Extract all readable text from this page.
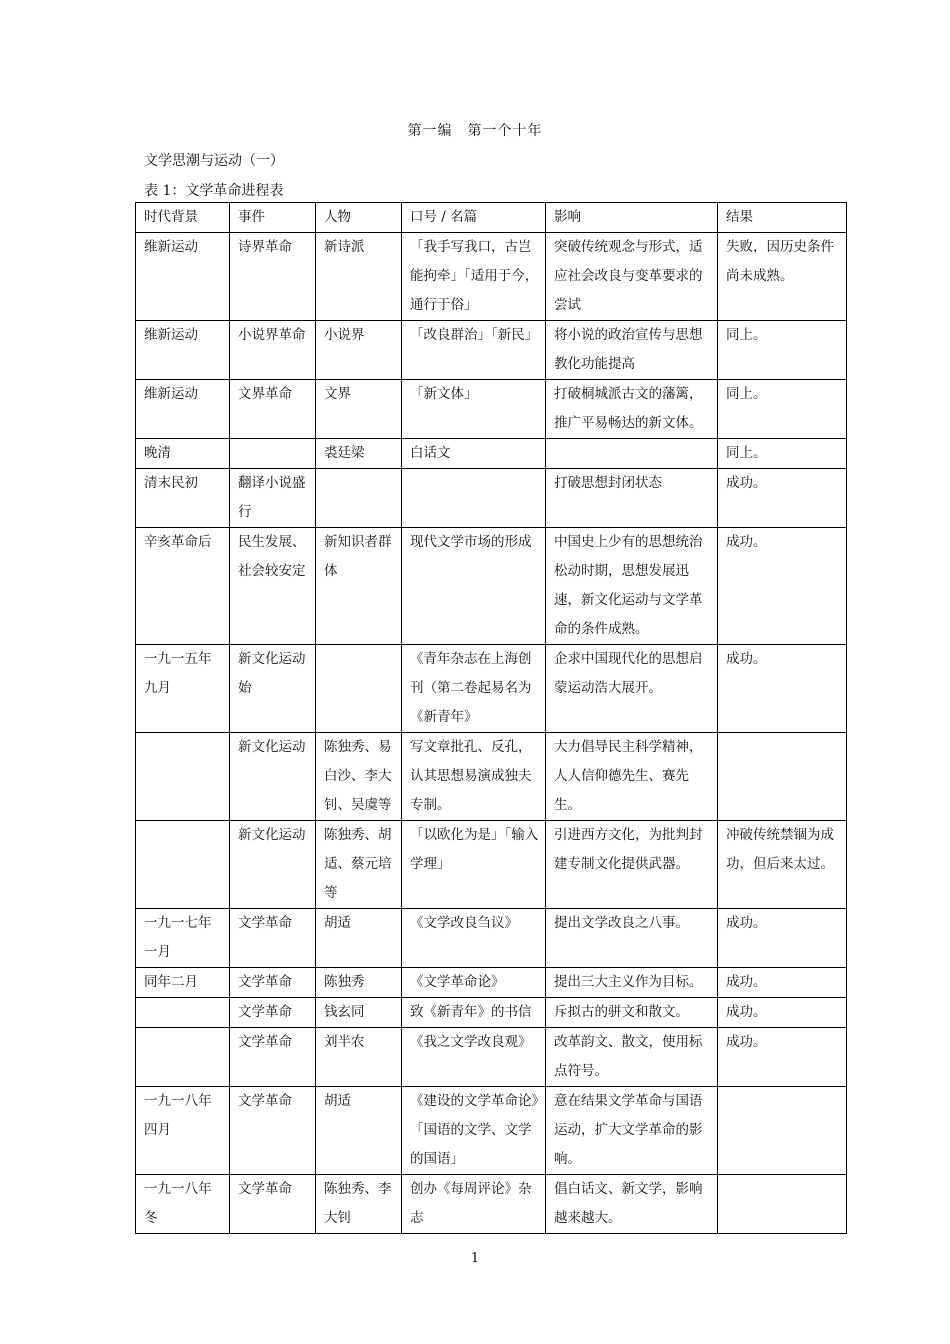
第一编　第一个十年
文学思潮与运动（一）
表 1：文学革命进程表
时代背景	事件	人物	口号 / 名篇	影响	结果
维新运动	诗界革命	新诗派	「我手写我口，古岂能拘牵」「适用于今，通行于俗」	突破传统观念与形式，适应社会改良与变革要求的尝试	失败，因历史条件尚未成熟。
维新运动	小说界革命	小说界	「改良群治」「新民」	将小说的政治宣传与思想教化功能提高	同上。
维新运动	文界革命	文界	「新文体」	打破桐城派古文的藩篱，推广平易畅达的新文体。	同上。
晚清		裘廷梁	白话文		同上。
清末民初	翻译小说盛行			打破思想封闭状态	成功。
辛亥革命后	民生发展、社会较安定	新知识者群体	现代文学市场的形成	中国史上少有的思想统治松动时期，思想发展迅速，新文化运动与文学革命的条件成熟。	成功。
一九一五年九月	新文化运动始		《青年杂志在上海创刊（第二卷起易名为《新青年》	企求中国现代化的思想启蒙运动浩大展开。	成功。
	新文化运动	陈独秀、易白沙、李大钊、吴虞等	写文章批孔、反孔，认其思想易演成独夫专制。	大力倡导民主科学精神，人人信仰德先生、赛先生。	
	新文化运动	陈独秀、胡适、蔡元培等	「以欧化为是」「输入学理」	引进西方文化，为批判封建专制文化提供武器。	冲破传统禁锢为成功，但后来太过。
一九一七年一月	文学革命	胡适	《文学改良刍议》	提出文学改良之八事。	成功。
同年二月	文学革命	陈独秀	《文学革命论》	提出三大主义作为目标。	成功。
	文学革命	钱玄同	致《新青年》的书信	斥拟古的骈文和散文。	成功。
	文学革命	刘半农	《我之文学改良观》	改革韵文、散文，使用标点符号。	成功。
一九一八年四月	文学革命	胡适	《建设的文学革命论》「国语的文学、文学的国语」	意在结果文学革命与国语运动，扩大文学革命的影响。	
一九一八年冬	文学革命	陈独秀、李大钊	创办《每周评论》杂志	倡白话文、新文学，影响越来越大。	
1
